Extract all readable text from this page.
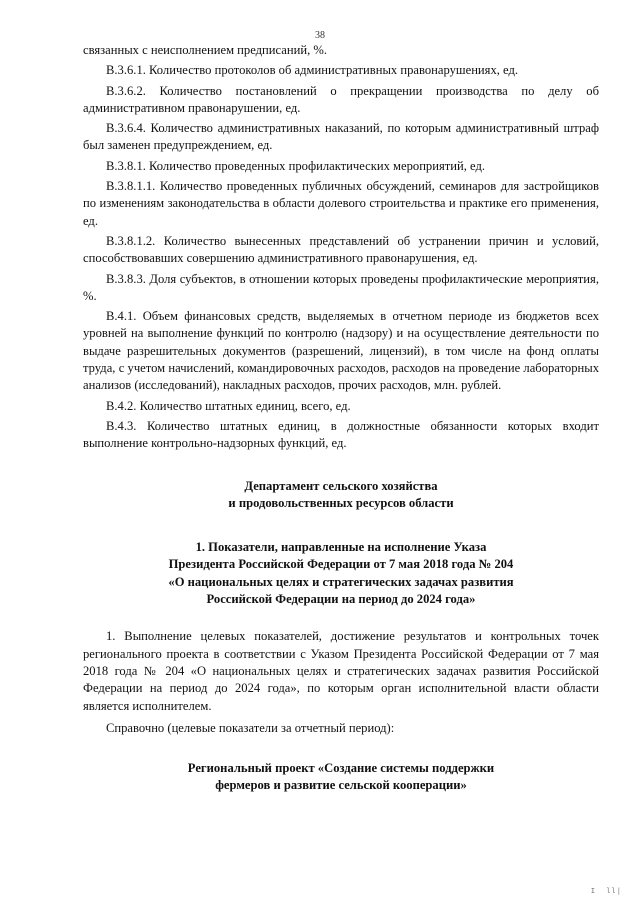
38

связанных с неисполнением предписаний, %.

В.3.6.1. Количество протоколов об административных правонарушениях, ед.

В.3.6.2. Количество постановлений о прекращении производства по делу об административном правонарушении, ед.

В.3.6.4. Количество административных наказаний, по которым административный штраф был заменен предупреждением, ед.

В.3.8.1. Количество проведенных профилактических мероприятий, ед.

В.3.8.1.1. Количество проведенных публичных обсуждений, семинаров для застройщиков по изменениям законодательства в области долевого строительства и практике его применения, ед.

В.3.8.1.2. Количество вынесенных представлений об устранении причин и условий, способствовавших совершению административного правонарушения, ед.

В.3.8.3. Доля субъектов, в отношении которых проведены профилактические мероприятия, %.

В.4.1. Объем финансовых средств, выделяемых в отчетном периоде из бюджетов всех уровней на выполнение функций по контролю (надзору) и на осуществление деятельности по выдаче разрешительных документов (разрешений, лицензий), в том числе на фонд оплаты труда, с учетом начислений, командировочных расходов, расходов на проведение лабораторных анализов (исследований), накладных расходов, прочих расходов, млн. рублей.

В.4.2. Количество штатных единиц, всего, ед.

В.4.3. Количество штатных единиц, в должностные обязанности которых входит выполнение контрольно-надзорных функций, ед.

Департамент сельского хозяйства
и продовольственных ресурсов области
1. Показатели, направленные на исполнение Указа
Президента Российской Федерации от 7 мая 2018 года № 204
«О национальных целях и стратегических задачах развития
Российской Федерации на период до 2024 года»

1. Выполнение целевых показателей, достижение результатов и контрольных точек регионального проекта в соответствии с Указом Президента Российской Федерации от 7 мая 2018 года № 204 «О национальных целях и стратегических задачах развития Российской Федерации на период до 2024 года», по которым орган исполнительной власти области является исполнителем.

Справочно (целевые показатели за отчетный период):

Региональный проект «Создание системы поддержки
фермеров и развитие сельской кооперации»
I  ll|
